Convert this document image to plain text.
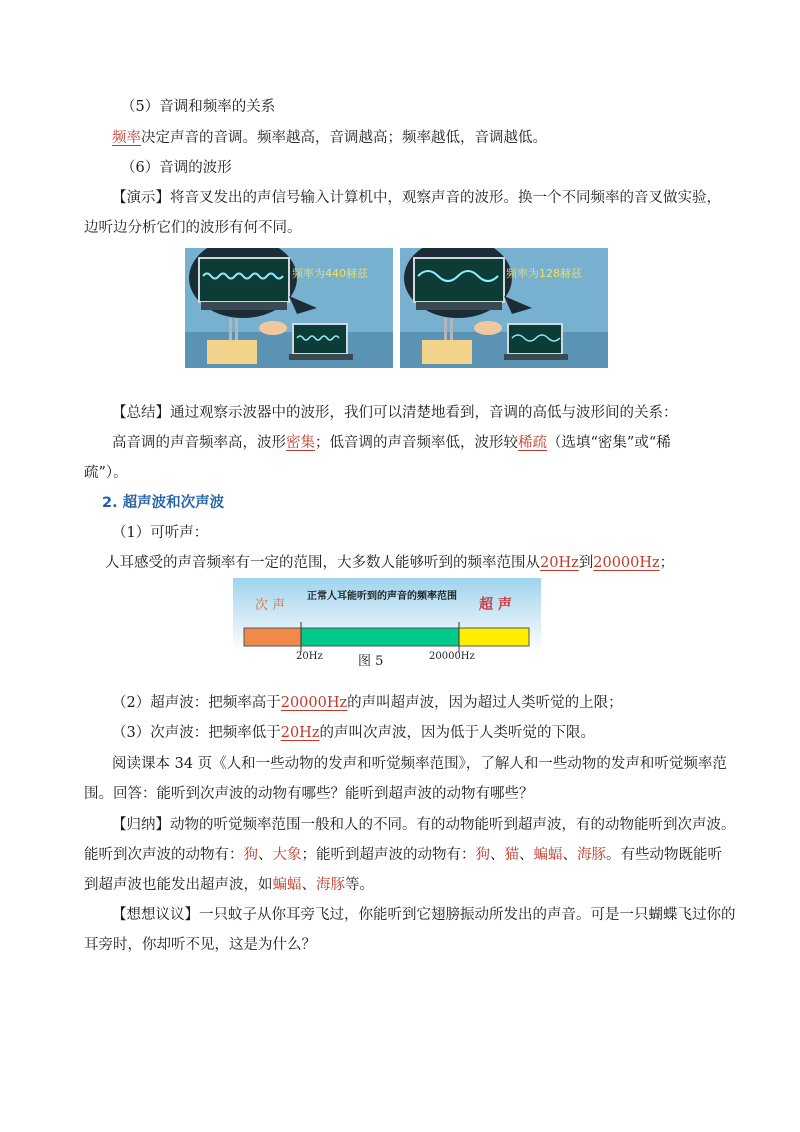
（5）音调和频率的关系
频率决定声音的音调。频率越高，音调越高；频率越低，音调越低。
（6）音调的波形
【演示】将音叉发出的声信号输入计算机中，观察声音的波形。换一个不同频率的音叉做实验，
边听边分析它们的波形有何不同。
频率为440赫兹	频率为128赫兹
【总结】通过观察示波器中的波形，我们可以清楚地看到，音调的高低与波形间的关系：
高音调的声音频率高，波形密集；低音调的声音频率低，波形较稀疏（选填“密集”或“稀
疏”）。
2. 超声波和次声波
（1）可听声：
人耳感受的声音频率有一定的范围，大多数人能够听到的频率范围从20Hz到20000Hz；
正常人耳能听到的声音的频率范围
次 声	超 声
20Hz	20000Hz
图 5
（2）超声波：把频率高于20000Hz的声叫超声波，因为超过人类听觉的上限；
（3）次声波：把频率低于20Hz的声叫次声波，因为低于人类听觉的下限。
阅读课本 34 页《人和一些动物的发声和听觉频率范围》，了解人和一些动物的发声和听觉频率范
围。回答：能听到次声波的动物有哪些？能听到超声波的动物有哪些？
【归纳】动物的听觉频率范围一般和人的不同。有的动物能听到超声波，有的动物能听到次声波。
能听到次声波的动物有：狗、大象；能听到超声波的动物有：狗、猫、蝙蝠、海豚。有些动物既能听
到超声波也能发出超声波，如蝙蝠、海豚等。
【想想议议】一只蚊子从你耳旁飞过，你能听到它翅膀振动所发出的声音。可是一只蝴蝶飞过你的
耳旁时，你却听不见，这是为什么？
